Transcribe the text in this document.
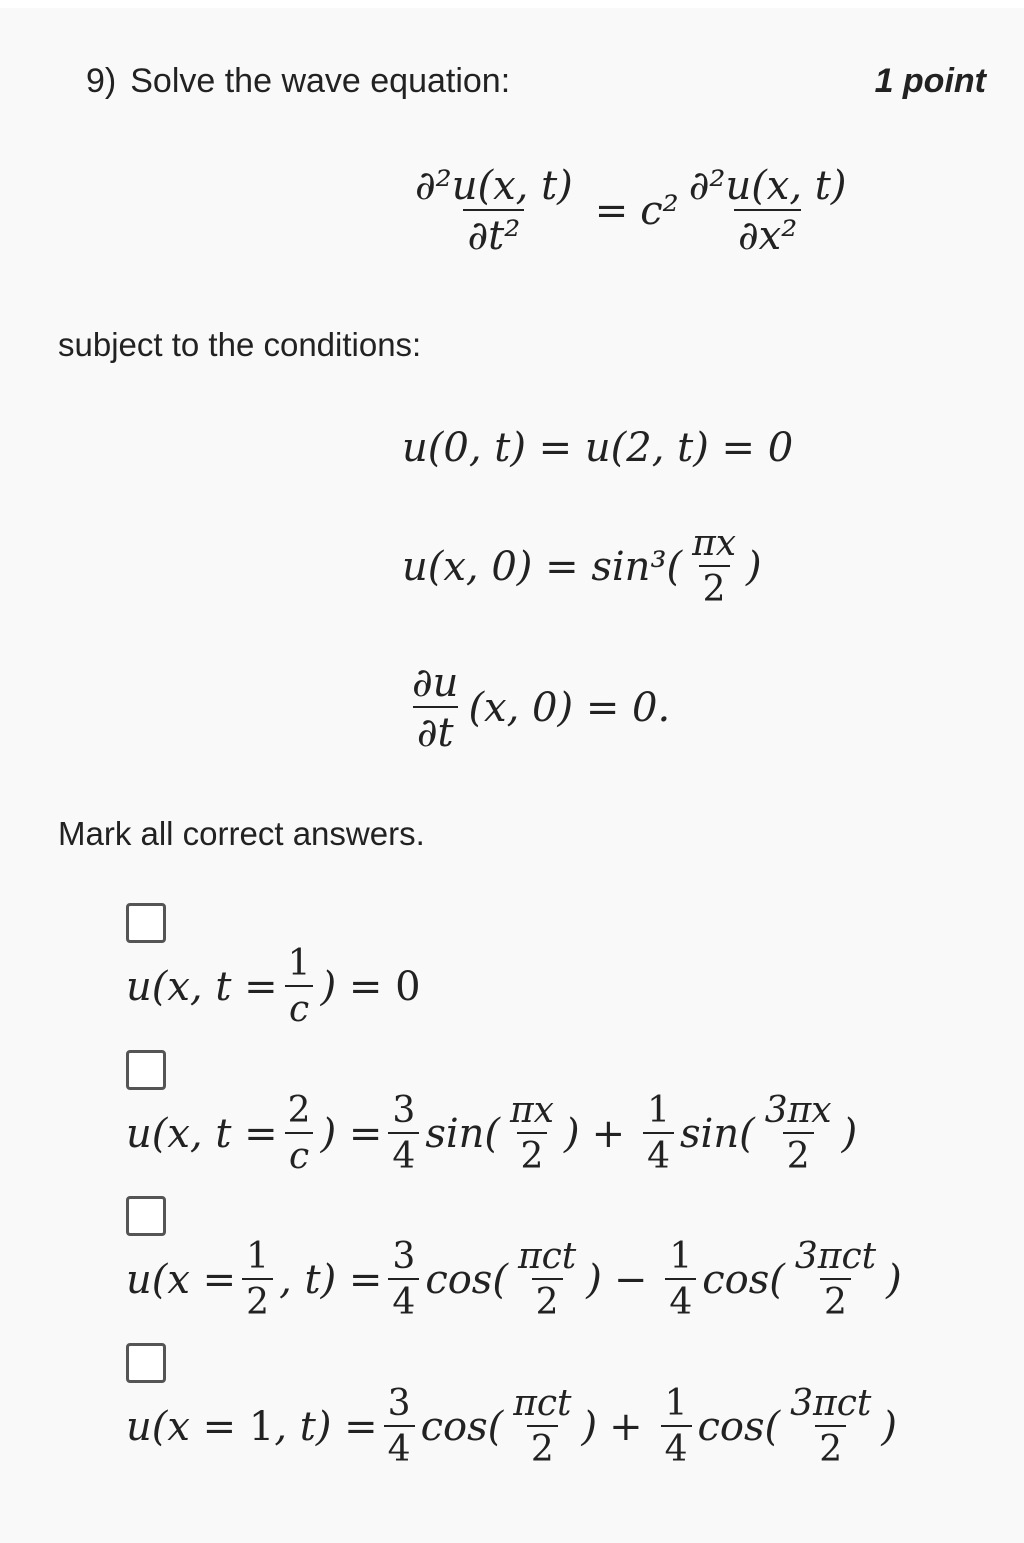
9) Solve the wave equation:	1 point
$\frac{\text{∂²u(x, t)}}{\text{∂t²}} = c^2 \frac{\text{∂²u(x, t)}}{\text{∂x²}}$
subject to the conditions:
u(0, t) = u(2, t) = 0
u(x, $0) = \sin^3( \frac{\pi x}{2}$ )
$\frac{\partial u}{\partial t} (x$, 0) = 0.
Mark all correct answers.
u(x, $t = \frac{1}{c}$ ) = 0
u(x, $t = \frac{2}{c}$ ) = $\frac{3}{4} \sin( \frac{\pi x}{2}$ ) + $\frac{1}{4} \sin( \frac{3\pi x}{2}$ )
$u(x = \frac{1}{2}$ , $t) = \frac{3}{4} \cos( \frac{\text{πct}}{2}$ ) − $\frac{1}{4} \cos( \frac{\text{3πct}}{2}$ )
u(x = 1, $t) = \frac{3}{4} \cos( \frac{\text{πct}}{2}$ ) + $\frac{1}{4} \cos( \frac{\text{3πct}}{2}$ )
